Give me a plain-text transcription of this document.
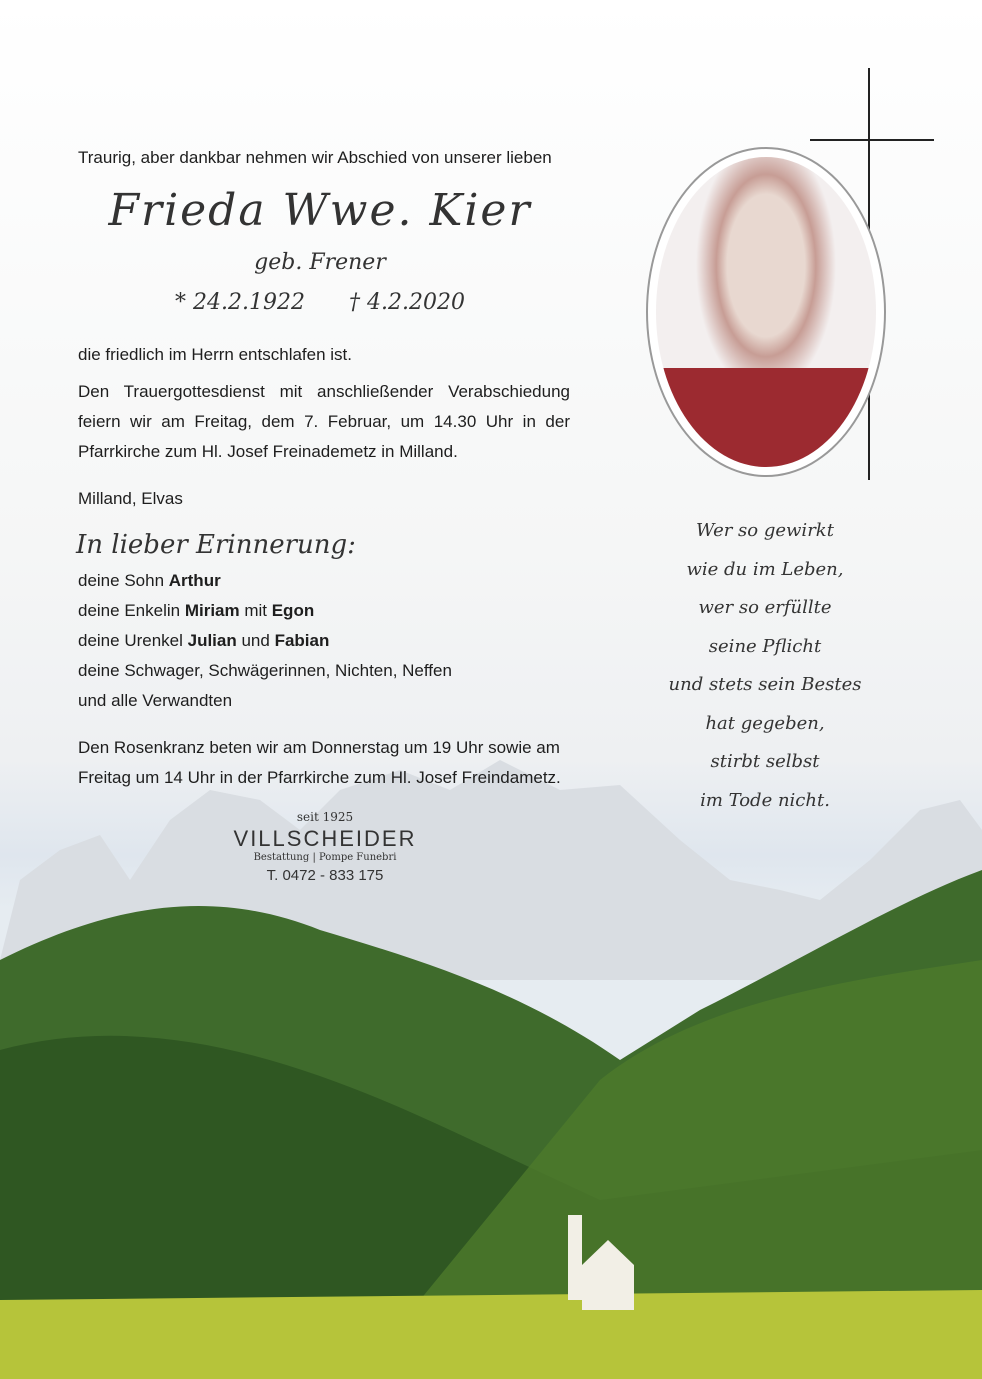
Traurig, aber dankbar nehmen wir Abschied von unserer lieben
Frieda Wwe. Kier
geb. Frener
* 24.2.1922 † 4.2.2020
die friedlich im Herrn entschlafen ist.
Den Trauergottesdienst mit anschließender Verabschiedung feiern wir am Freitag, dem 7. Februar, um 14.30 Uhr in der Pfarrkirche zum Hl. Josef Freinademetz in Milland.
Milland, Elvas
In lieber Erinnerung:
deine Sohn Arthur
deine Enkelin Miriam mit Egon
deine Urenkel Julian und Fabian
deine Schwager, Schwägerinnen, Nichten, Neffen
und alle Verwandten
Den Rosenkranz beten wir am Donnerstag um 19 Uhr sowie am Freitag um 14 Uhr in der Pfarrkirche zum Hl. Josef Freindametz.
seit 1925
VILLSCHEIDER
Bestattung | Pompe Funebri
T. 0472 - 833 175
Wer so gewirkt
wie du im Leben,
wer so erfüllte
seine Pflicht
und stets sein Bestes
hat gegeben,
stirbt selbst
im Tode nicht.
